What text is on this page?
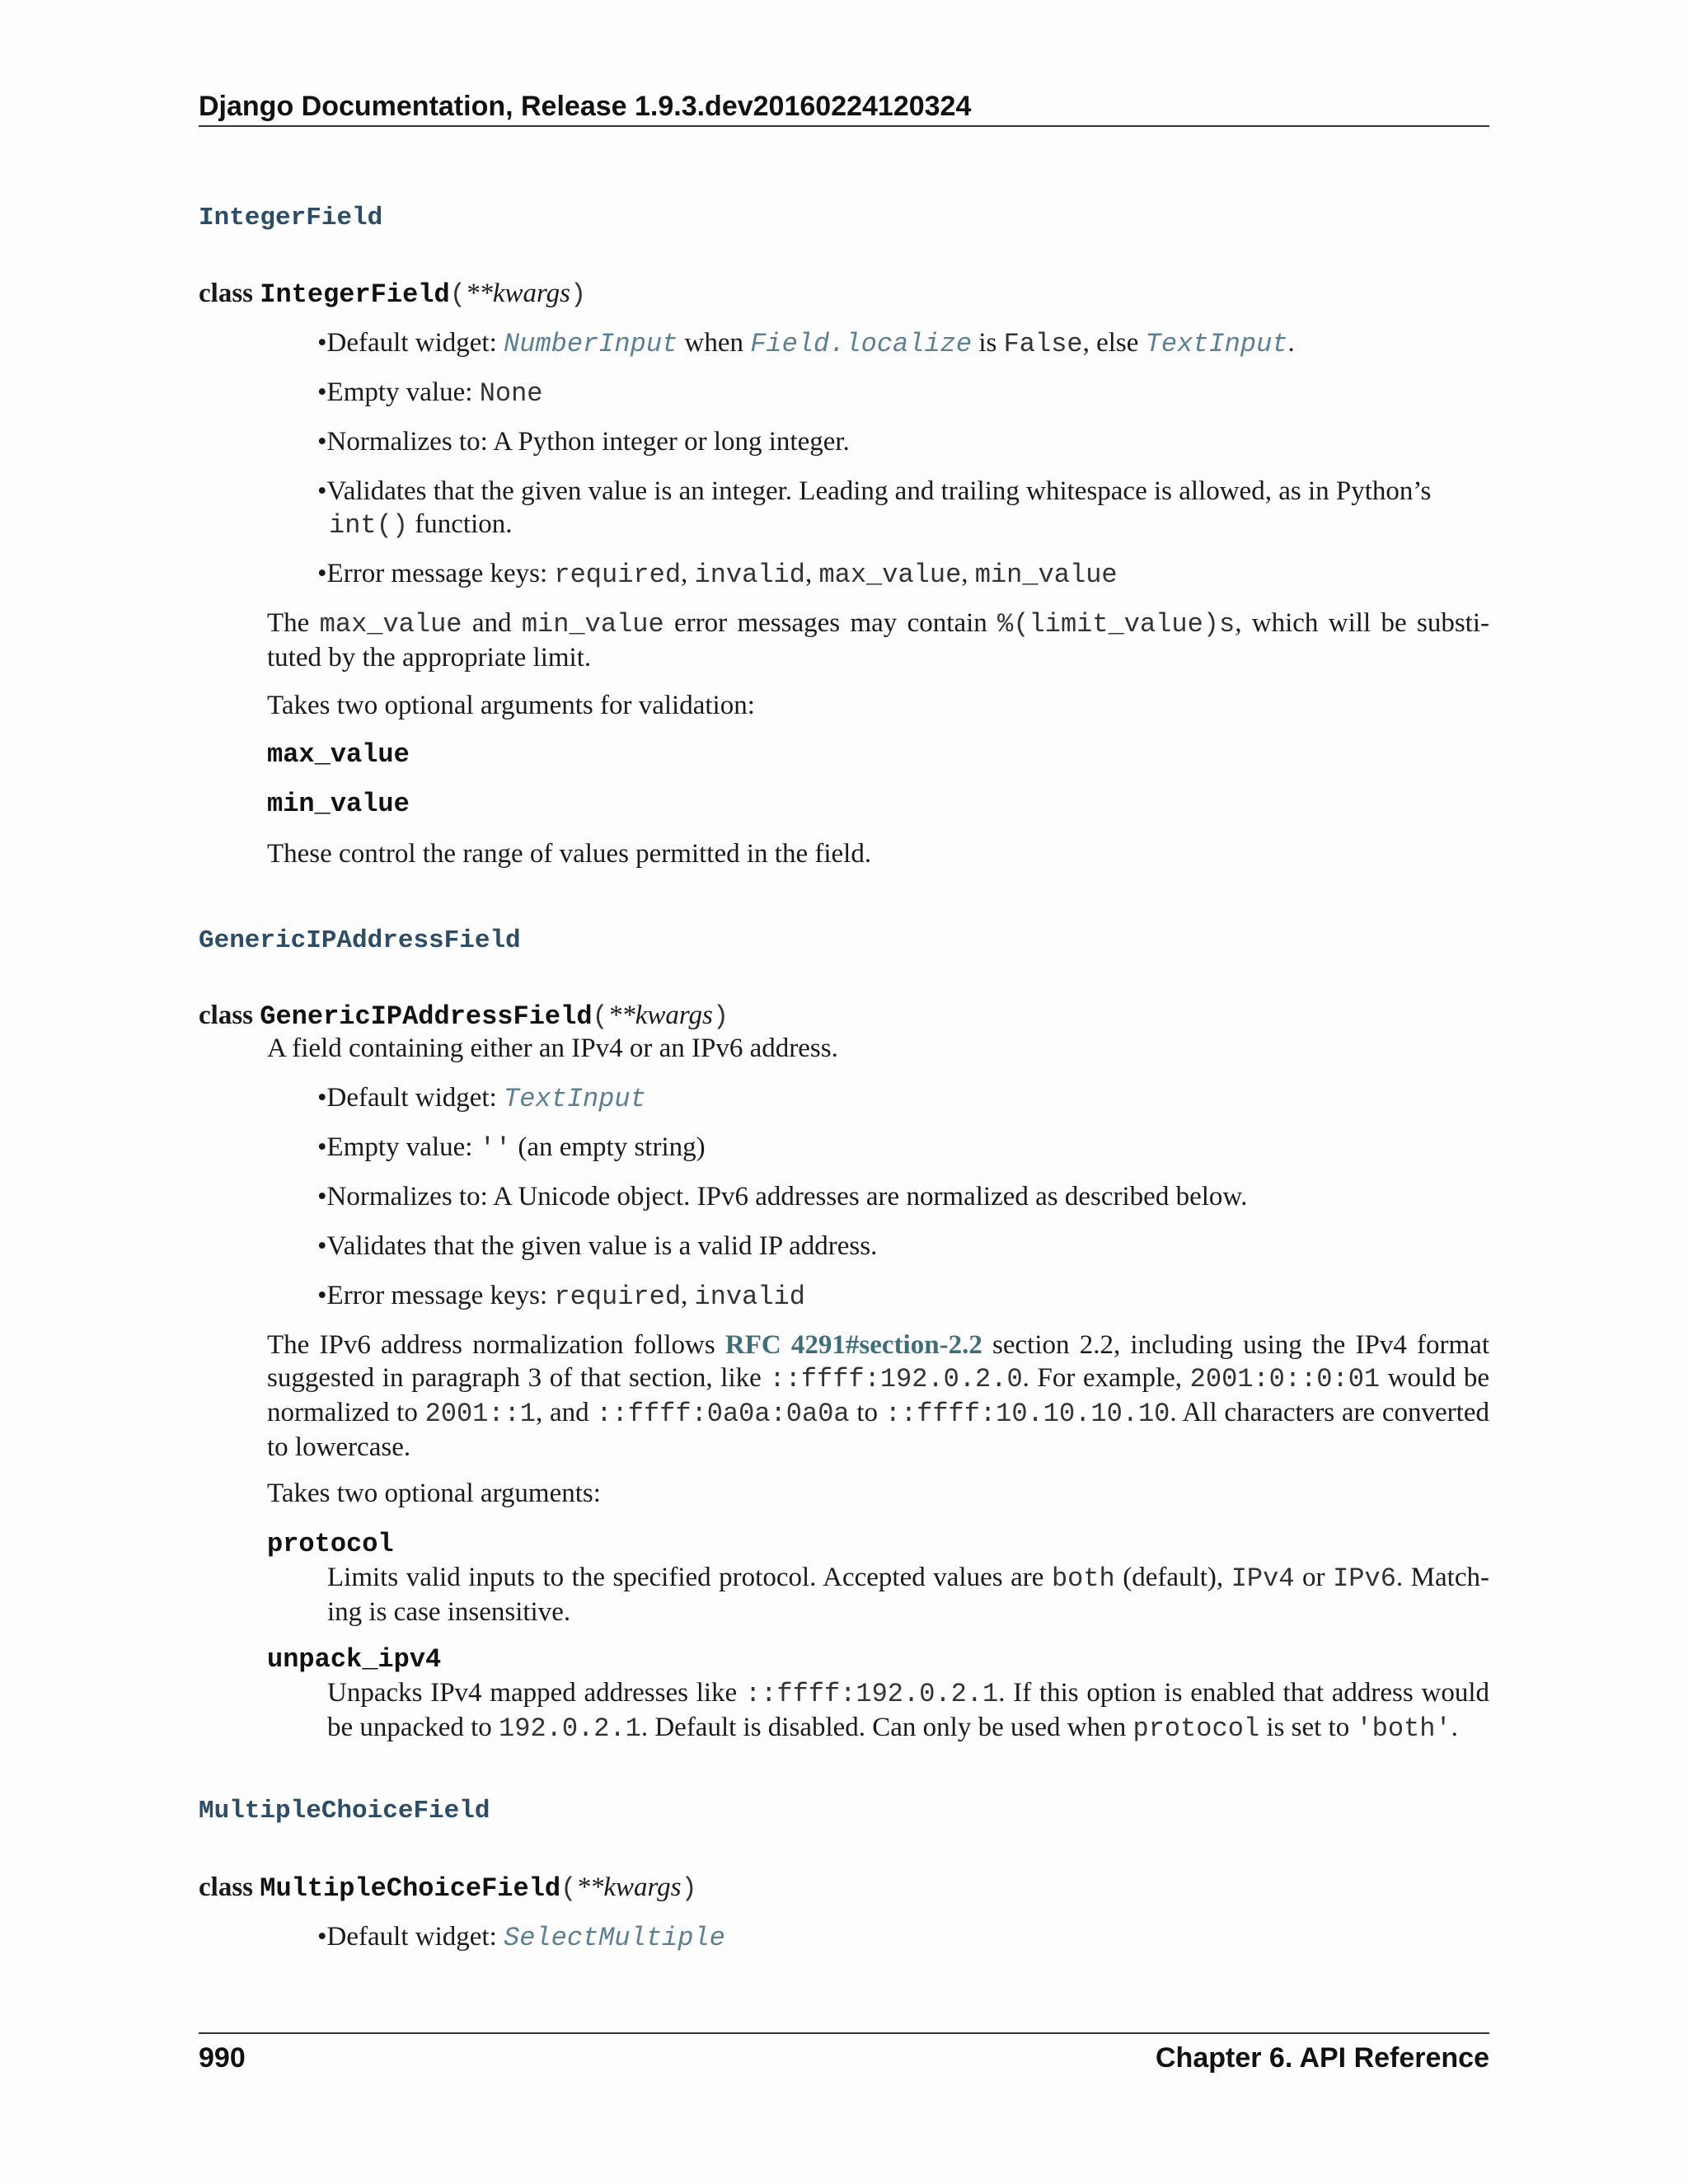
Django Documentation, Release 1.9.3.dev20160224120324
IntegerField
class IntegerField(**kwargs)
•Default widget: NumberInput when Field.localize is False, else TextInput.
•Empty value: None
•Normalizes to: A Python integer or long integer.
•Validates that the given value is an integer. Leading and trailing whitespace is allowed, as in Python’s
int() function.
•Error message keys: required, invalid, max_value, min_value
The max_value and min_value error messages may contain %(limit_value)s, which will be substi-tuted by the appropriate limit.
Takes two optional arguments for validation:
max_value
min_value
These control the range of values permitted in the field.
GenericIPAddressField
class GenericIPAddressField(**kwargs)
A field containing either an IPv4 or an IPv6 address.
•Default widget: TextInput
•Empty value: '' (an empty string)
•Normalizes to: A Unicode object. IPv6 addresses are normalized as described below.
•Validates that the given value is a valid IP address.
•Error message keys: required, invalid
The IPv6 address normalization follows RFC 4291#section-2.2 section 2.2, including using the IPv4 format suggested in paragraph 3 of that section, like ::ffff:192.0.2.0. For example, 2001:0::0:01 would be normalized to 2001::1, and ::ffff:0a0a:0a0a to ::ffff:10.10.10.10. All characters are converted to lowercase.
Takes two optional arguments:
protocol
Limits valid inputs to the specified protocol. Accepted values are both (default), IPv4 or IPv6. Match-ing is case insensitive.
unpack_ipv4
Unpacks IPv4 mapped addresses like ::ffff:192.0.2.1. If this option is enabled that address would be unpacked to 192.0.2.1. Default is disabled. Can only be used when protocol is set to 'both'.
MultipleChoiceField
class MultipleChoiceField(**kwargs)
•Default widget: SelectMultiple
990	Chapter 6. API Reference
